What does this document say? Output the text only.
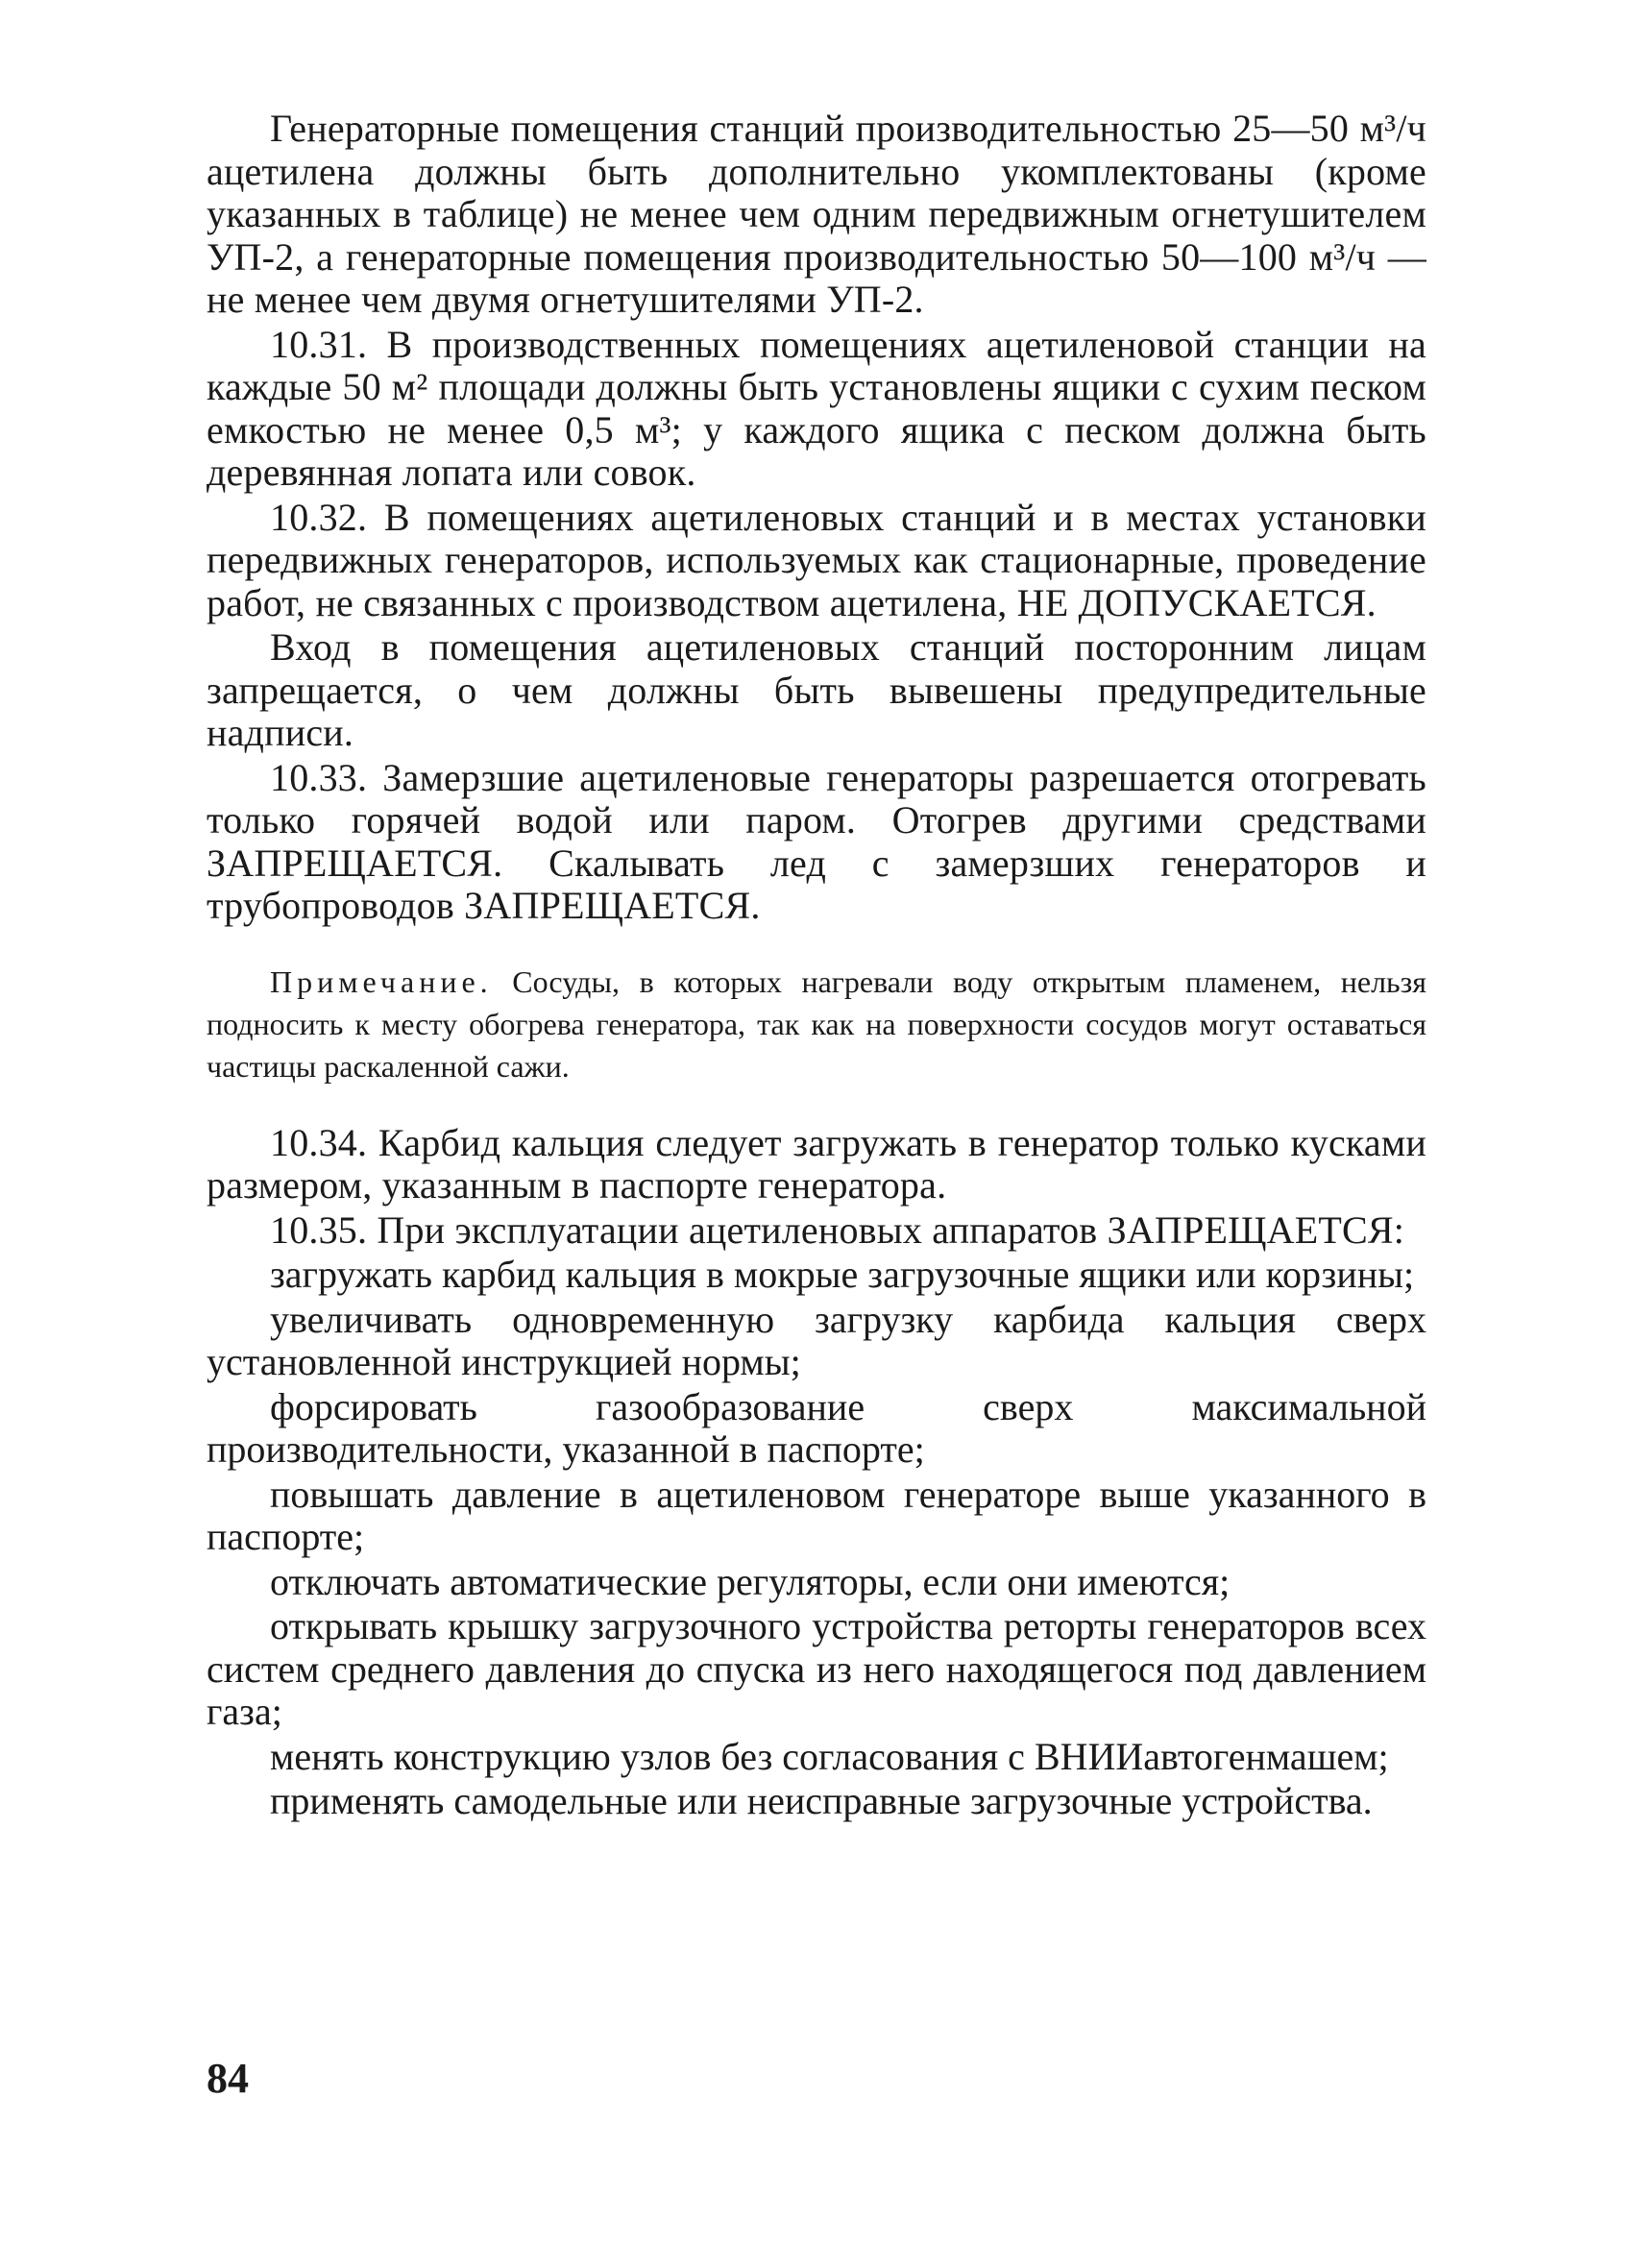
Генераторные помещения станций производительностью 25—50 м³/ч ацетилена должны быть дополнительно укомплектованы (кроме указанных в таблице) не менее чем одним передвижным огнетушителем УП-2, а генераторные помещения производительностью 50—100 м³/ч — не менее чем двумя огнетушителями УП-2.

10.31. В производственных помещениях ацетиленовой станции на каждые 50 м² площади должны быть установлены ящики с сухим песком емкостью не менее 0,5 м³; у каждого ящика с песком должна быть деревянная лопата или совок.

10.32. В помещениях ацетиленовых станций и в местах установки передвижных генераторов, используемых как стационарные, проведение работ, не связанных с производством ацетилена, НЕ ДОПУСКАЕТСЯ.

Вход в помещения ацетиленовых станций посторонним лицам запрещается, о чем должны быть вывешены предупредительные надписи.

10.33. Замерзшие ацетиленовые генераторы разрешается отогревать только горячей водой или паром. Отогрев другими средствами ЗАПРЕЩАЕТСЯ. Скалывать лед с замерзших генераторов и трубопроводов ЗАПРЕЩАЕТСЯ.

Примечание. Сосуды, в которых нагревали воду открытым пламенем, нельзя подносить к месту обогрева генератора, так как на поверхности сосудов могут оставаться частицы раскаленной сажи.

10.34. Карбид кальция следует загружать в генератор только кусками размером, указанным в паспорте генератора.

10.35. При эксплуатации ацетиленовых аппаратов ЗАПРЕЩАЕТСЯ:

загружать карбид кальция в мокрые загрузочные ящики или корзины;

увеличивать одновременную загрузку карбида кальция сверх установленной инструкцией нормы;

форсировать газообразование сверх максимальной производительности, указанной в паспорте;

повышать давление в ацетиленовом генераторе выше указанного в паспорте;

отключать автоматические регуляторы, если они имеются;

открывать крышку загрузочного устройства реторты генераторов всех систем среднего давления до спуска из него находящегося под давлением газа;

менять конструкцию узлов без согласования с ВНИИавтогенмашем;

применять самодельные или неисправные загрузочные устройства.

84
